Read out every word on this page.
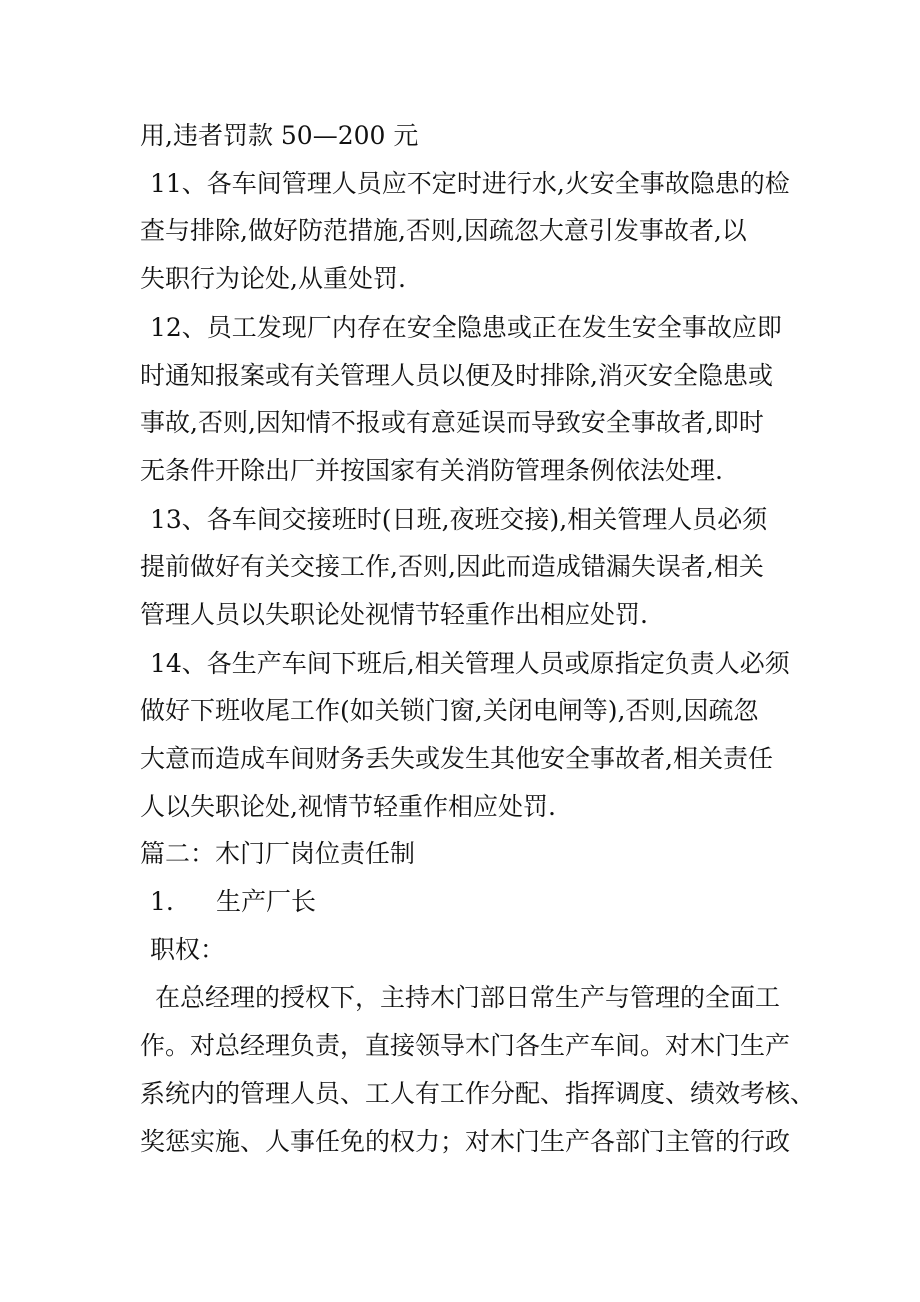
用,违者罚款 50—200 元

11、各车间管理人员应不定时进行水,火安全事故隐患的检

查与排除,做好防范措施,否则,因疏忽大意引发事故者,以

失职行为论处,从重处罚.

12、员工发现厂内存在安全隐患或正在发生安全事故应即

时通知报案或有关管理人员以便及时排除,消灭安全隐患或

事故,否则,因知情不报或有意延误而导致安全事故者,即时

无条件开除出厂并按国家有关消防管理条例依法处理.

13、各车间交接班时(日班,夜班交接),相关管理人员必须

提前做好有关交接工作,否则,因此而造成错漏失误者,相关

管理人员以失职论处视情节轻重作出相应处罚.

14、各生产车间下班后,相关管理人员或原指定负责人必须

做好下班收尾工作(如关锁门窗,关闭电闸等),否则,因疏忽

大意而造成车间财务丢失或发生其他安全事故者,相关责任

人以失职论处,视情节轻重作相应处罚.

篇二：木门厂岗位责任制

1. 生产厂长

职权：

在总经理的授权下，主持木门部日常生产与管理的全面工

作。对总经理负责，直接领导木门各生产车间。对木门生产

系统内的管理人员、工人有工作分配、指挥调度、绩效考核、

奖惩实施、人事任免的权力；对木门生产各部门主管的行政
